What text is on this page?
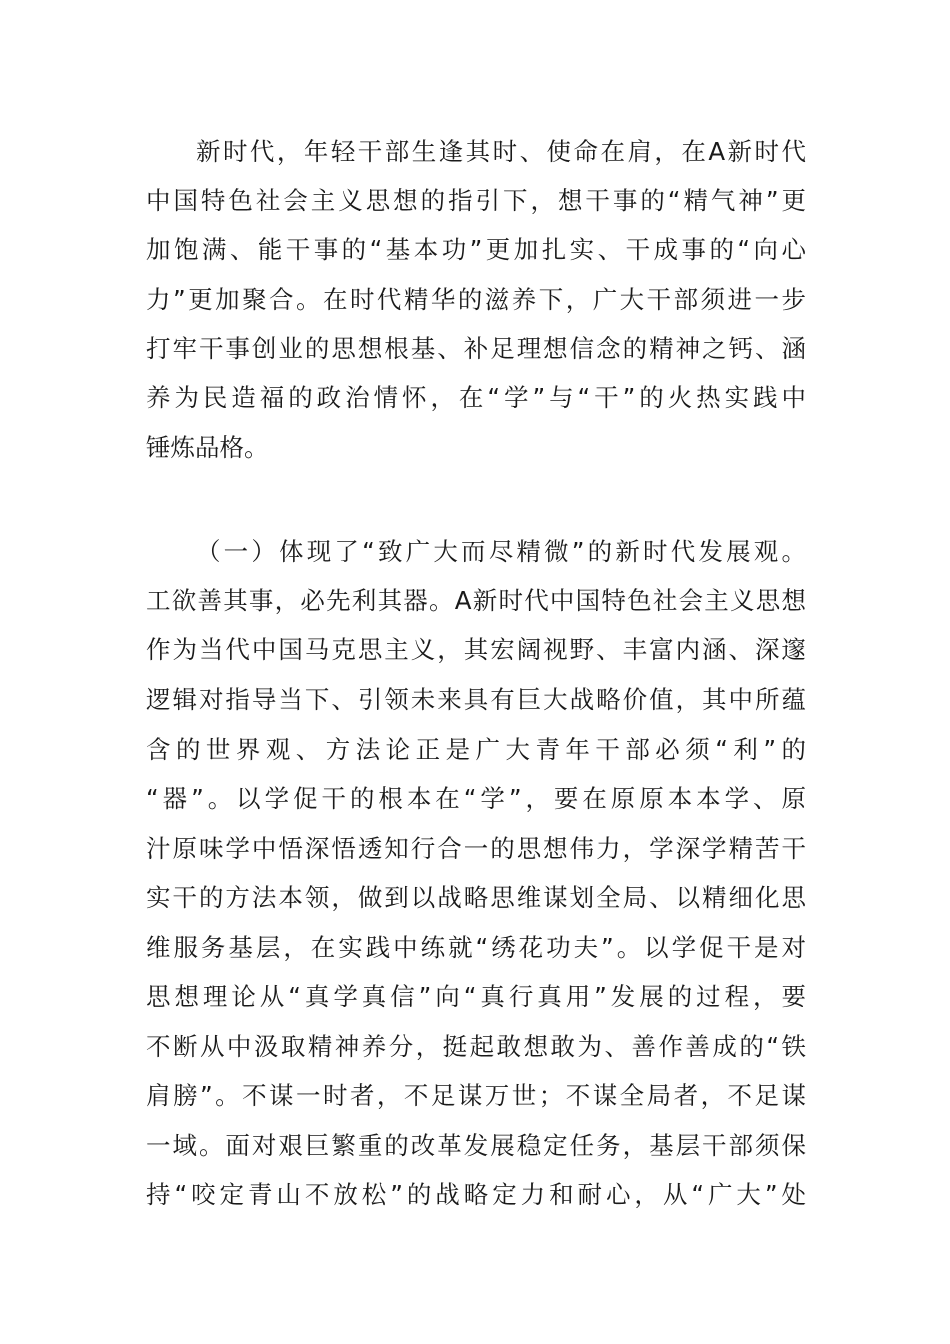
新时代，年轻干部生逢其时、使命在肩，在A新时代
中国特色社会主义思想的指引下，想干事的“精气神”更
加饱满、能干事的“基本功”更加扎实、干成事的“向心
力”更加聚合。在时代精华的滋养下，广大干部须进一步
打牢干事创业的思想根基、补足理想信念的精神之钙、涵
养为民造福的政治情怀，在“学”与“干”的火热实践中
锤炼品格。
（一）体现了“致广大而尽精微”的新时代发展观。
工欲善其事，必先利其器。A新时代中国特色社会主义思想
作为当代中国马克思主义，其宏阔视野、丰富内涵、深邃
逻辑对指导当下、引领未来具有巨大战略价值，其中所蕴
含的世界观、方法论正是广大青年干部必须“利”的
“器”。以学促干的根本在“学”，要在原原本本学、原
汁原味学中悟深悟透知行合一的思想伟力，学深学精苦干
实干的方法本领，做到以战略思维谋划全局、以精细化思
维服务基层，在实践中练就“绣花功夫”。以学促干是对
思想理论从“真学真信”向“真行真用”发展的过程，要
不断从中汲取精神养分，挺起敢想敢为、善作善成的“铁
肩膀”。不谋一时者，不足谋万世；不谋全局者，不足谋
一域。面对艰巨繁重的改革发展稳定任务，基层干部须保
持“咬定青山不放松”的战略定力和耐心，从“广大”处
